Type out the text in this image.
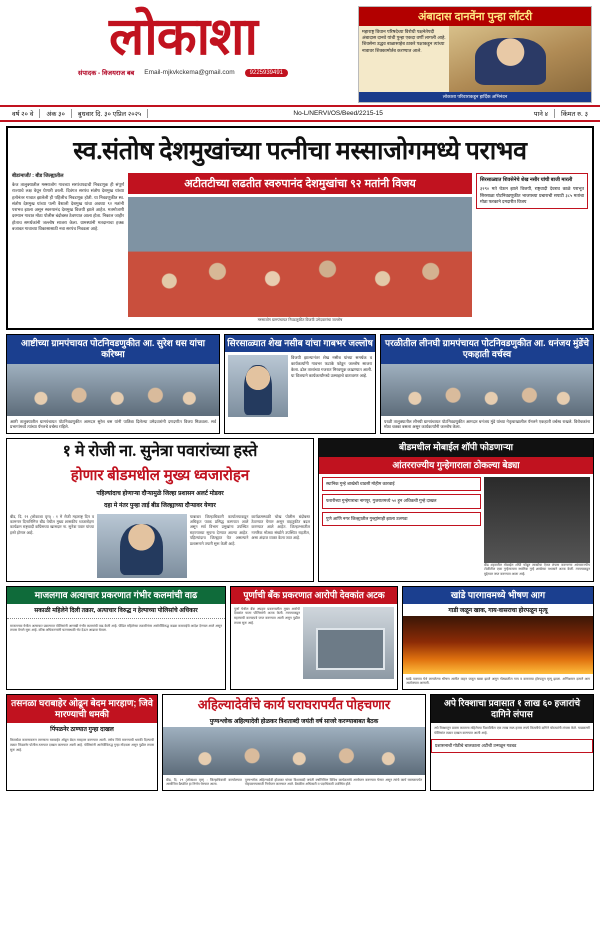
लोकाशा
संपादक - विजयराज बब Email-mjkvkckema@gmail.com	9225939491
अंबादास दानवेंना पुन्हा लॉटरी
महाराष्ट्र विधान परिषदेच्या विरोधी पक्षनेतेपदी अंबादास दानवे यांची पुन्हा एकदा वर्णी लागली आहे. शिवसेना उद्धव बाळासाहेब ठाकरे पक्षाकडून त्यांच्या नावावर शिक्कामोर्तब करण्यात आले.
लोकाशा परिवाराकडून हार्दिक अभिनंदन
वर्ष २० वे	अंक ३०	बुधवार दि. ३० एप्रिल २०२५	No-L/NERVI/OS/Beed/2215-15	पाने ४	किंमत रु. ३
स्व.संतोष देशमुखांच्या पत्नीचा मस्साजोगमध्ये पराभव
बीड/माजी/ : बीड जिल्ह्यातील
केज तालुक्यातील मस्साजोग गावच्या सरपंचपदाची निवडणूक ही संपूर्ण राज्याचे लक्ष वेधून घेणारी ठरली. दिवंगत सरपंच संतोष देशमुख यांच्या हत्येनंतर गावात झालेली ही पहिलीच निवडणूक होती. या निवडणुकीत स्व. संतोष देशमुख यांच्या पत्नी वैशाली देशमुख यांचा अवघ्या ९२ मतांनी पराभव झाला असून स्वरुपानंद देशमुख विजयी झाले आहेत. मतमोजणी दरम्यान गावात मोठा पोलीस बंदोबस्त ठेवण्यात आला होता. निकाल जाहीर होताच समर्थकांनी जल्लोष साजरा केला. ग्रामस्थांनी मतदानाचा हक्क बजावत गावाच्या विकासासाठी नवा सरपंच निवडला आहे.
अटीतटीच्या लढतीत स्वरुपानंद देशमुखांचा ९२ मतांनी विजय
मस्साजोग ग्रामपंचायत निवडणुकीत विजयी उमेदवारांचा जल्लोष
सिरसाळ्यात शिवसेनेचे शेख नसीर यांची बाजी मारली
३२९० मते घेऊन झाले विजयी, राष्ट्रवादी देवराव काळे पराभूत सिरसाळा पोटनिवडणुकीत भाजपच्या प्रचाराची सपाटी ३८५ मतांचा मोठा फरकाने दमदारीत विजय
आष्टीच्या ग्रामपंचायत पोटनिवडणुकीत आ. सुरेश धस यांचा करिष्मा
आष्टी तालुक्यातील ग्रामपंचायत पोटनिवडणुकीत आमदार सुरेश धस यांनी पाठिंबा दिलेल्या उमेदवारांनी दणदणीत विजय मिळवला. सर्व प्रभागांमध्ये त्यांच्या पॅनलचे वर्चस्व राहिले.
सिरसाळ्यात शेख नसीब यांचा गाबभर जल्लोष
विजयी झाल्यानंतर शेख नसीब यांच्या समर्थक व कार्यकर्त्यांनी गावभर फटाके फोडून जल्लोष साजरा केला. ढोल ताशांच्या गजरात मिरवणूक काढण्यात आली. या विजयाने कार्यकर्त्यांमध्ये उत्साहाचे वातावरण आहे.
परळीतील लीनघी ग्रामपंचायत पोटनिवडणुकीत आ. धनंजय मुंडेंचे एकहाती वर्चस्व
परळी तालुक्यातील लीनघी ग्रामपंचायत पोटनिवडणुकीत आमदार धनंजय मुंडे यांच्या नेतृत्वाखालील पॅनलने एकहाती वर्चस्व राखले. विरोधकांना मोठा धक्का बसला असून कार्यकर्त्यांनी जल्लोष केला.
१ मे रोजी ना. सुनेत्रा पवारांच्या हस्ते
होणार बीडमधील मुख्य ध्वजारोहन
पहिल्यांदाच होणाऱ्या दौऱ्यामुळे जिल्हा प्रशासन अलर्ट मोडवर
दहा मे नंतर पुन्हा ताई बीड जिल्ह्याच्या दौऱ्यावर येणार
बीड, दि. २९ (लोकाशा वृत्त) : १ मे रोजी महाराष्ट्र दिन व कामगार दिनानिमित्त बीड येथील मुख्य शासकीय ध्वजारोहण कार्यक्रम राष्ट्रवादी काँग्रेसच्या खासदार ना. सुनेत्रा पवार यांच्या हस्ते होणार आहे.
याबाबत जिल्हाधिकारी कार्यालयाकडून अधिकृत पत्रक प्रसिद्ध करण्यात आले असून सर्व विभाग प्रमुखांना उपस्थित राहण्याच्या सूचना देण्यात आल्या आहेत. पहिल्यांदाच जिल्ह्यात येत असल्याने प्रशासनाने तयारी सुरू केली आहे.
कार्यक्रमस्थळी चोख पोलीस बंदोबस्त ठेवण्यात येणार असून वाहतुकीत बदल करण्यात आले आहेत. जिल्हाभरातील नागरिक मोठ्या संख्येने उपस्थित राहतील, असा अंदाज व्यक्त केला जात आहे.
बीडमधील मोबाईल शॉपी फोडणाऱ्या
आंतरराज्यीय गुन्हेगाराला ठोकल्या बेड्या
स्थानिक गुन्हे शाखेची धाडसी मोहीम कारवाई
फरारीच्या गुन्हेगाराचा नागपूर, गुजरातमध्ये ५० हून अधिकची गुन्हे दाखल
पुणे आणि नगर जिल्ह्यातील गुन्ह्यांमाही झाला उलगडा
बीड शहरातील मोबाईल शॉपी फोडून लाखोंचा ऐवज लंपास करणाऱ्या आंतरराज्यीय टोळीतील एका गुन्हेगाराला स्थानिक गुन्हे शाखेच्या पथकाने अटक केली. त्याच्याकडून मुद्देमाल जप्त करण्यात आला आहे.
माजलगाव अत्याचार प्रकरणात गंभीर कलमांची वाढ
सकाळी महिलेने दिली तक्रार, अत्याचार विरुद्ध न हेल्पाच्या पोलिसांचे अधिकार
माजलगाव येथील अत्याचार प्रकरणात पोलिसांनी आणखी गंभीर कलमांची वाढ केली आहे. पीडित महिलेच्या तक्रारीनंतर आरोपींविरुद्ध कडक कारवाईचे आदेश देण्यात आले असून तपास वेगाने सुरू आहे. वरिष्ठ अधिकाऱ्यांनी घटनास्थळी भेट देऊन आढावा घेतला.
पूर्णाची बँक प्रकरणात आरोपी देवकांत अटक
पूर्णा येथील बँक अपहार प्रकरणातील मुख्य आरोपी देवकांत याला पोलिसांनी अटक केली. त्याच्याकडून महत्त्वाची कागदपत्रे जप्त करण्यात आली असून पुढील तपास सुरू आहे.
खांडे पारगावमध्ये भीषण आग
गाडी जळून खाक, गाय-वासराचा होरपळून मृत्यू
खांडे पारगाव येथे लागलेल्या भीषण आगीत वाहन जळून खाक झाले असून गोठ्यातील गाय व वासराचा होरपळून मृत्यू झाला. अग्निशमन दलाने आग आटोक्यात आणली.
तसनळा घराबाहेर ओढून बेदम मारहाण; जिवे मारण्याची धमकी
पिंपळनेर ठाण्यात गुन्हा दाखल
किरकोळ कारणावरून तरुणाला घराबाहेर ओढून बेदम मारहाण करण्यात आली. तसेच जिवे मारण्याची धमकी दिल्याची तक्रार पिंपळनेर पोलीस ठाण्यात दाखल करण्यात आली आहे. पोलिसांनी आरोपींविरुद्ध गुन्हा नोंदवला असून पुढील तपास सुरू आहे.
अहिल्यादेवींचे कार्य घराघरापर्यंत पोहचणार
पुण्यश्लोक अहिल्यादेवी होळकर त्रिशताब्दी जयंती वर्ष साजरे करण्याबाबत बैठक
बीड, दि. २९ (लोकाशा वृत्त) : जिल्हाधिकारी कार्यालयात आयोजित बैठकीत हा निर्णय घेण्यात आला.
पुण्यश्लोक अहिल्यादेवी होळकर यांच्या त्रिशताब्दी जयंती वर्षानिमित्त विविध कार्यक्रमांचे आयोजन करण्यात येणार असून त्यांचे कार्य घराघरापर्यंत पोहचवण्यासाठी नियोजन करण्यात आले. बैठकीस अधिकारी व पदाधिकारी उपस्थित होते.
अपे रिक्शाचा प्रवासात १ लाख ६० हजारांचे दागिने लंपास
अपे रिक्शातून प्रवास करताना महिलेच्या पिशवीतील एक लाख साठ हजार रुपये किमतीचे दागिने चोरट्यांनी लंपास केले. याप्रकरणी पोलिसांत तक्रार दाखल करण्यात आली आहे.
प्रशासनाची गोठीचे चालकाला अटीची उन्मळून गडबड
